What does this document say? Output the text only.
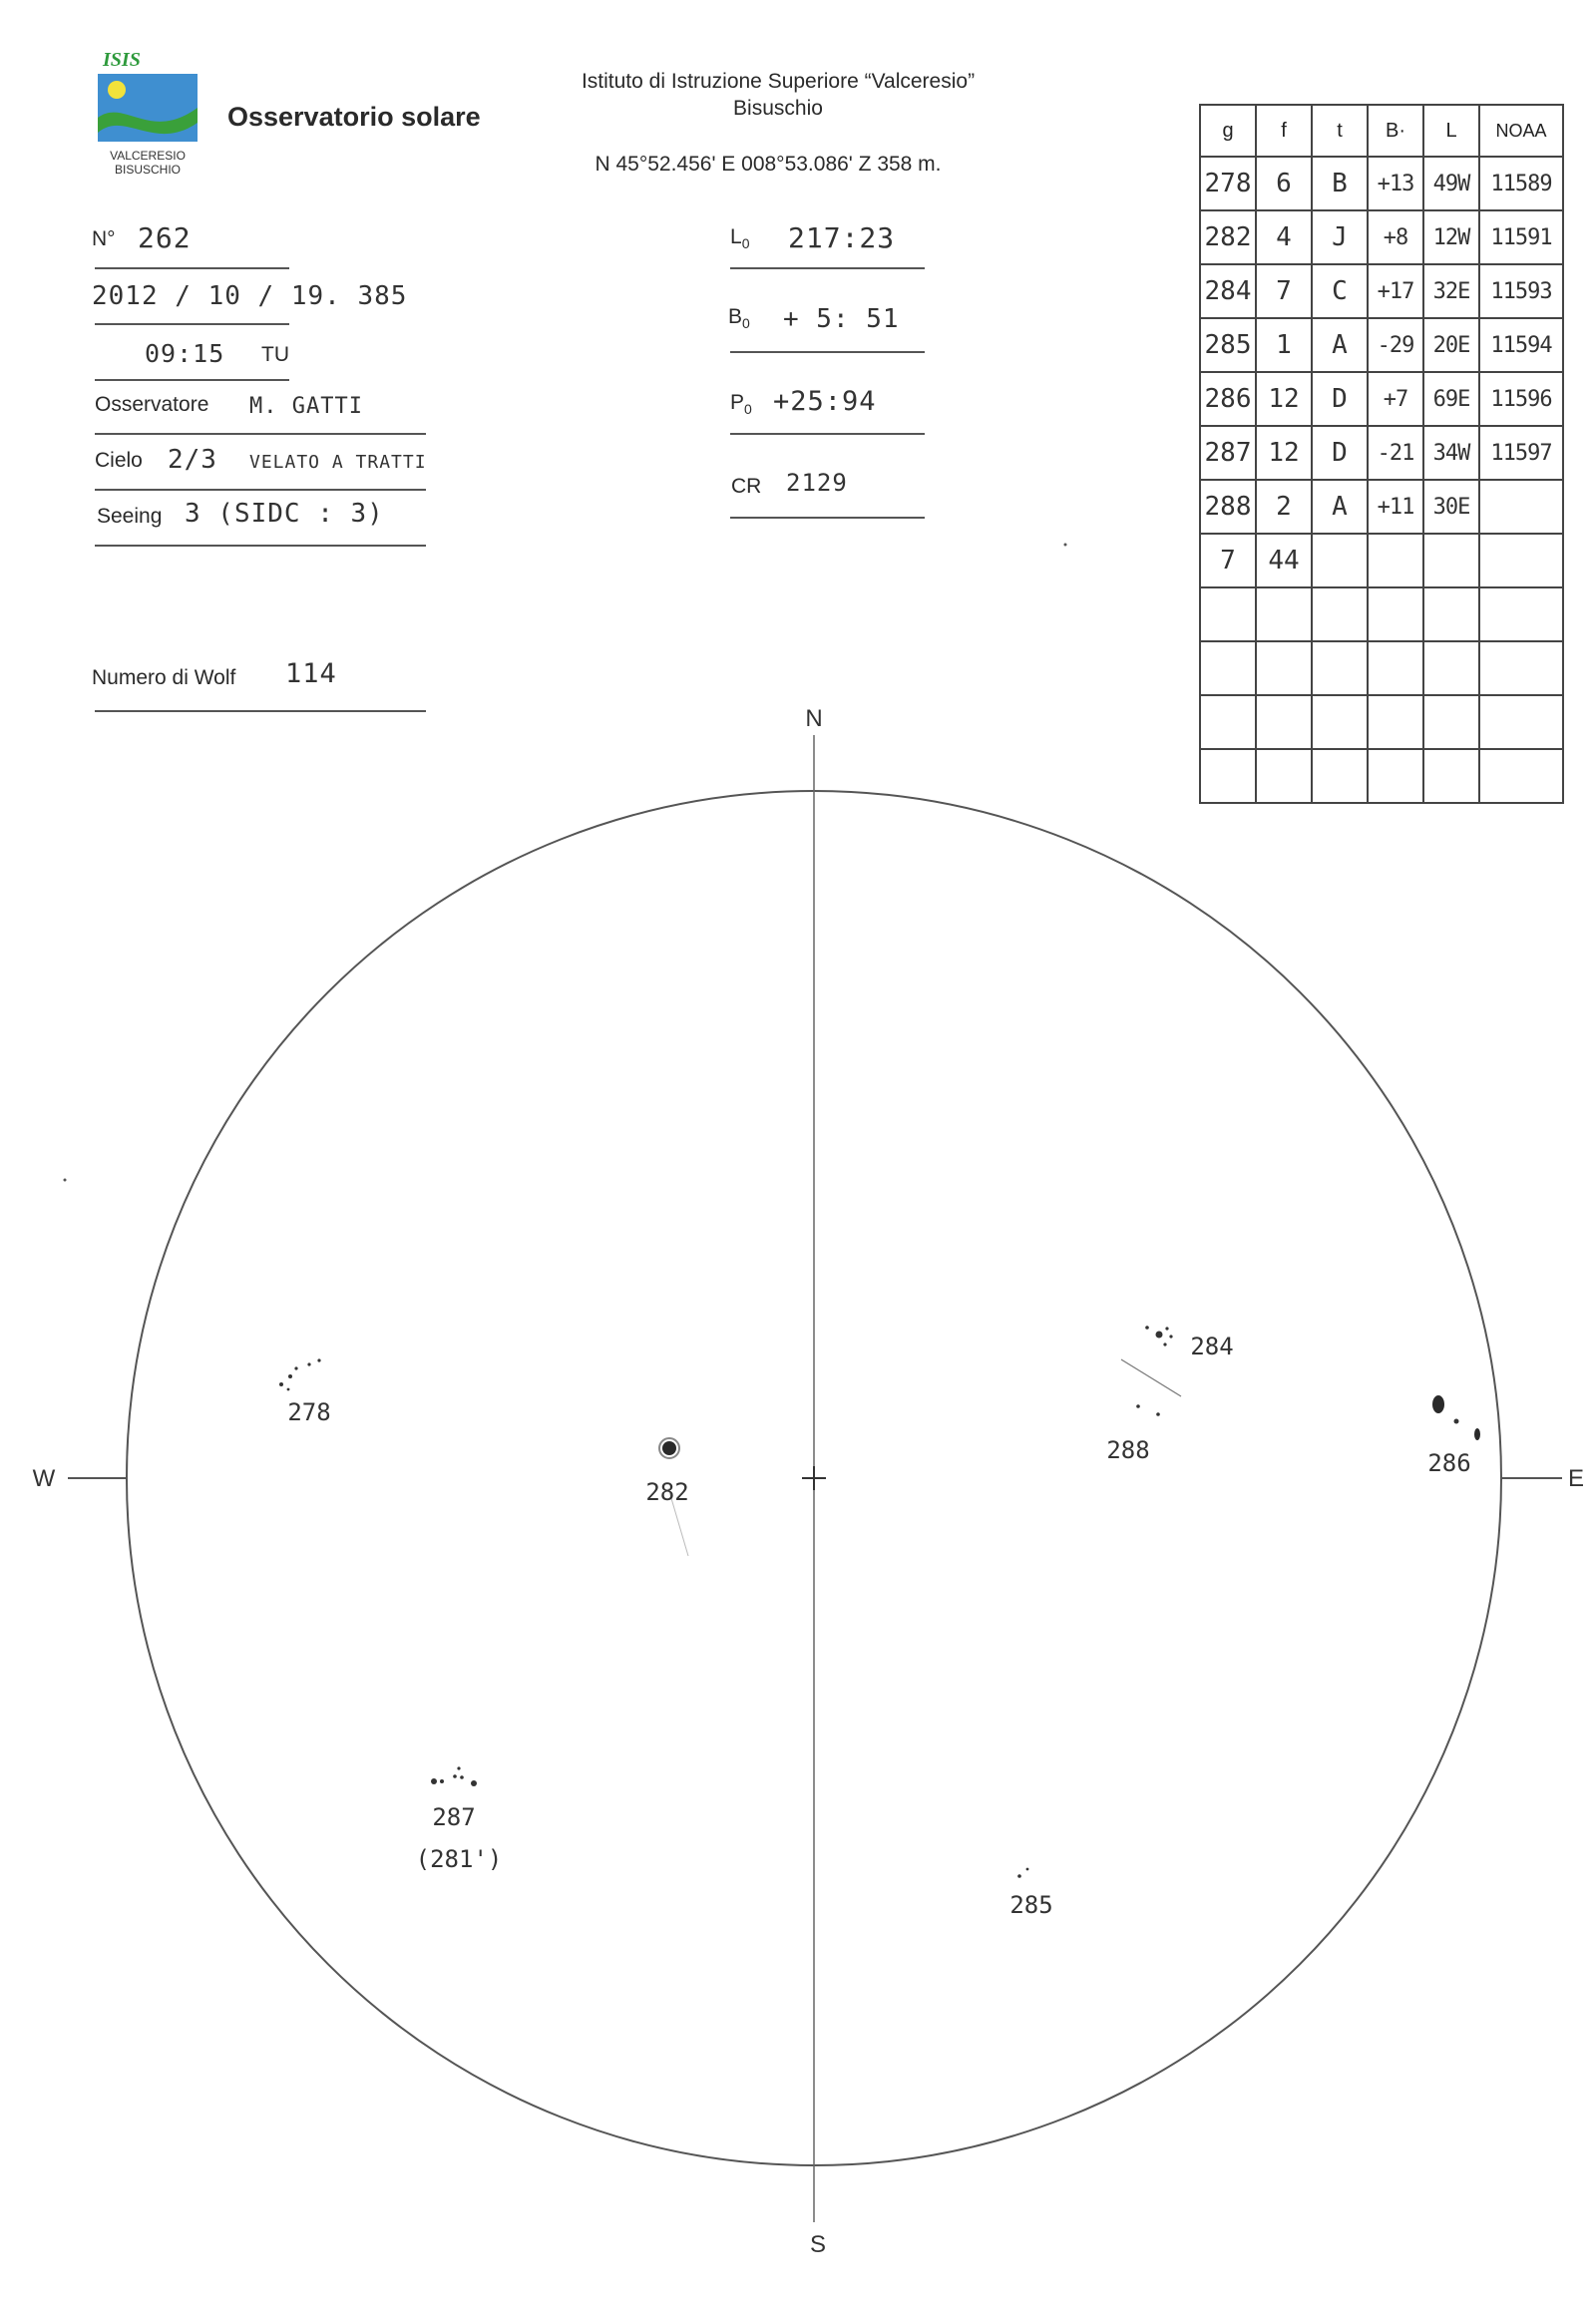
ISIS
VALCERESIO
BISUSCHIO
Osservatorio solare
Istituto di Istruzione Superiore “Valceresio”
Bisuschio
N 45°52.456' E 008°53.086' Z 358 m.
N° 262
2012 / 10 / 19. 385
09:15 TU
Osservatore M. GATTI
Cielo 2/3 VELATO A TRATTI
Seeing 3 (SIDC : 3)
Numero di Wolf 114
$L_0$ 217:23
$B_0 + 5$: 51
$P_0$ +25:94
CR 2129
g	f	t	B·	L	NOAA
278	6	B	+13	49W	11589
282	4	J	+8	12W	11591
284	7	C	+17	32E	11593
285	1	A	-29	20E	11594
286	12	D	+7	69E	11596
287	12	D	-21	34W	11597
288	2	A	+11	30E	
7	44				

N
S
W	E
278
282
284
288	286
287
(281')
285
